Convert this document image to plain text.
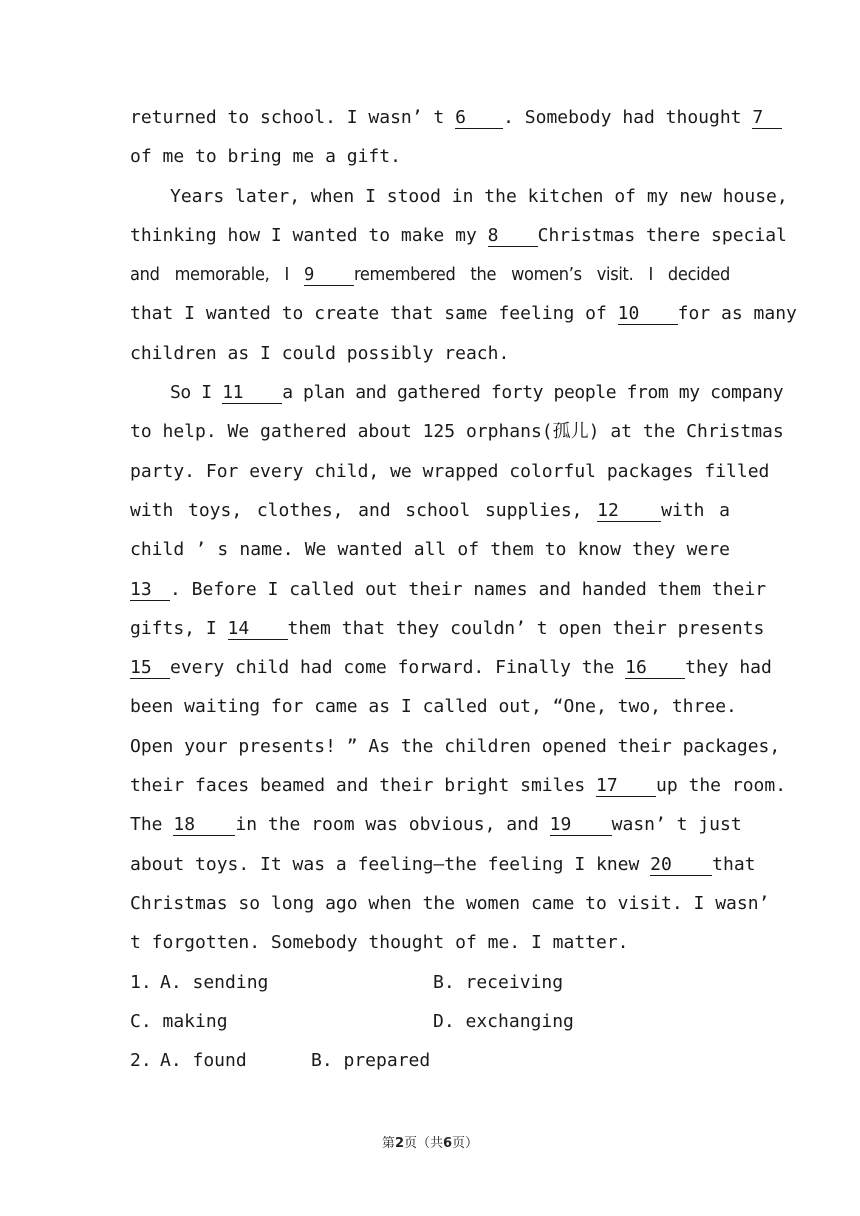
returned to school. I wasn’ t 6 . Somebody had thought 7
of me to bring me a gift.
Years later, when I stood in the kitchen of my new house,
thinking how I wanted to make my 8 Christmas there special
and memorable, I 9 remembered the women’s visit. I decided
that I wanted to create that same feeling of 10 for as many
children as I could possibly reach.
So I 11 a plan and gathered forty people from my company
to help. We gathered about 125 orphans(孤儿) at the Christmas
party. For every child, we wrapped colorful packages filled
with toys, clothes, and school supplies, 12 with a
child ’ s name. We wanted all of them to know they were
13 . Before I called out their names and handed them their
gifts, I 14 them that they couldn’ t open their presents
15 every child had come forward. Finally the 16 they had
been waiting for came as I called out, “One, two, three.
Open your presents! ” As the children opened their packages,
their faces beamed and their bright smiles 17 up the room.
The 18 in the room was obvious, and 19 wasn’ t just
about toys. It was a feeling—the feeling I knew 20 that
Christmas so long ago when the women came to visit. I wasn’
t forgotten. Somebody thought of me. I matter.
1. A. sending	B. receiving
C. making	D. exchanging
2. A. found	B. prepared
第2页（共6页）
